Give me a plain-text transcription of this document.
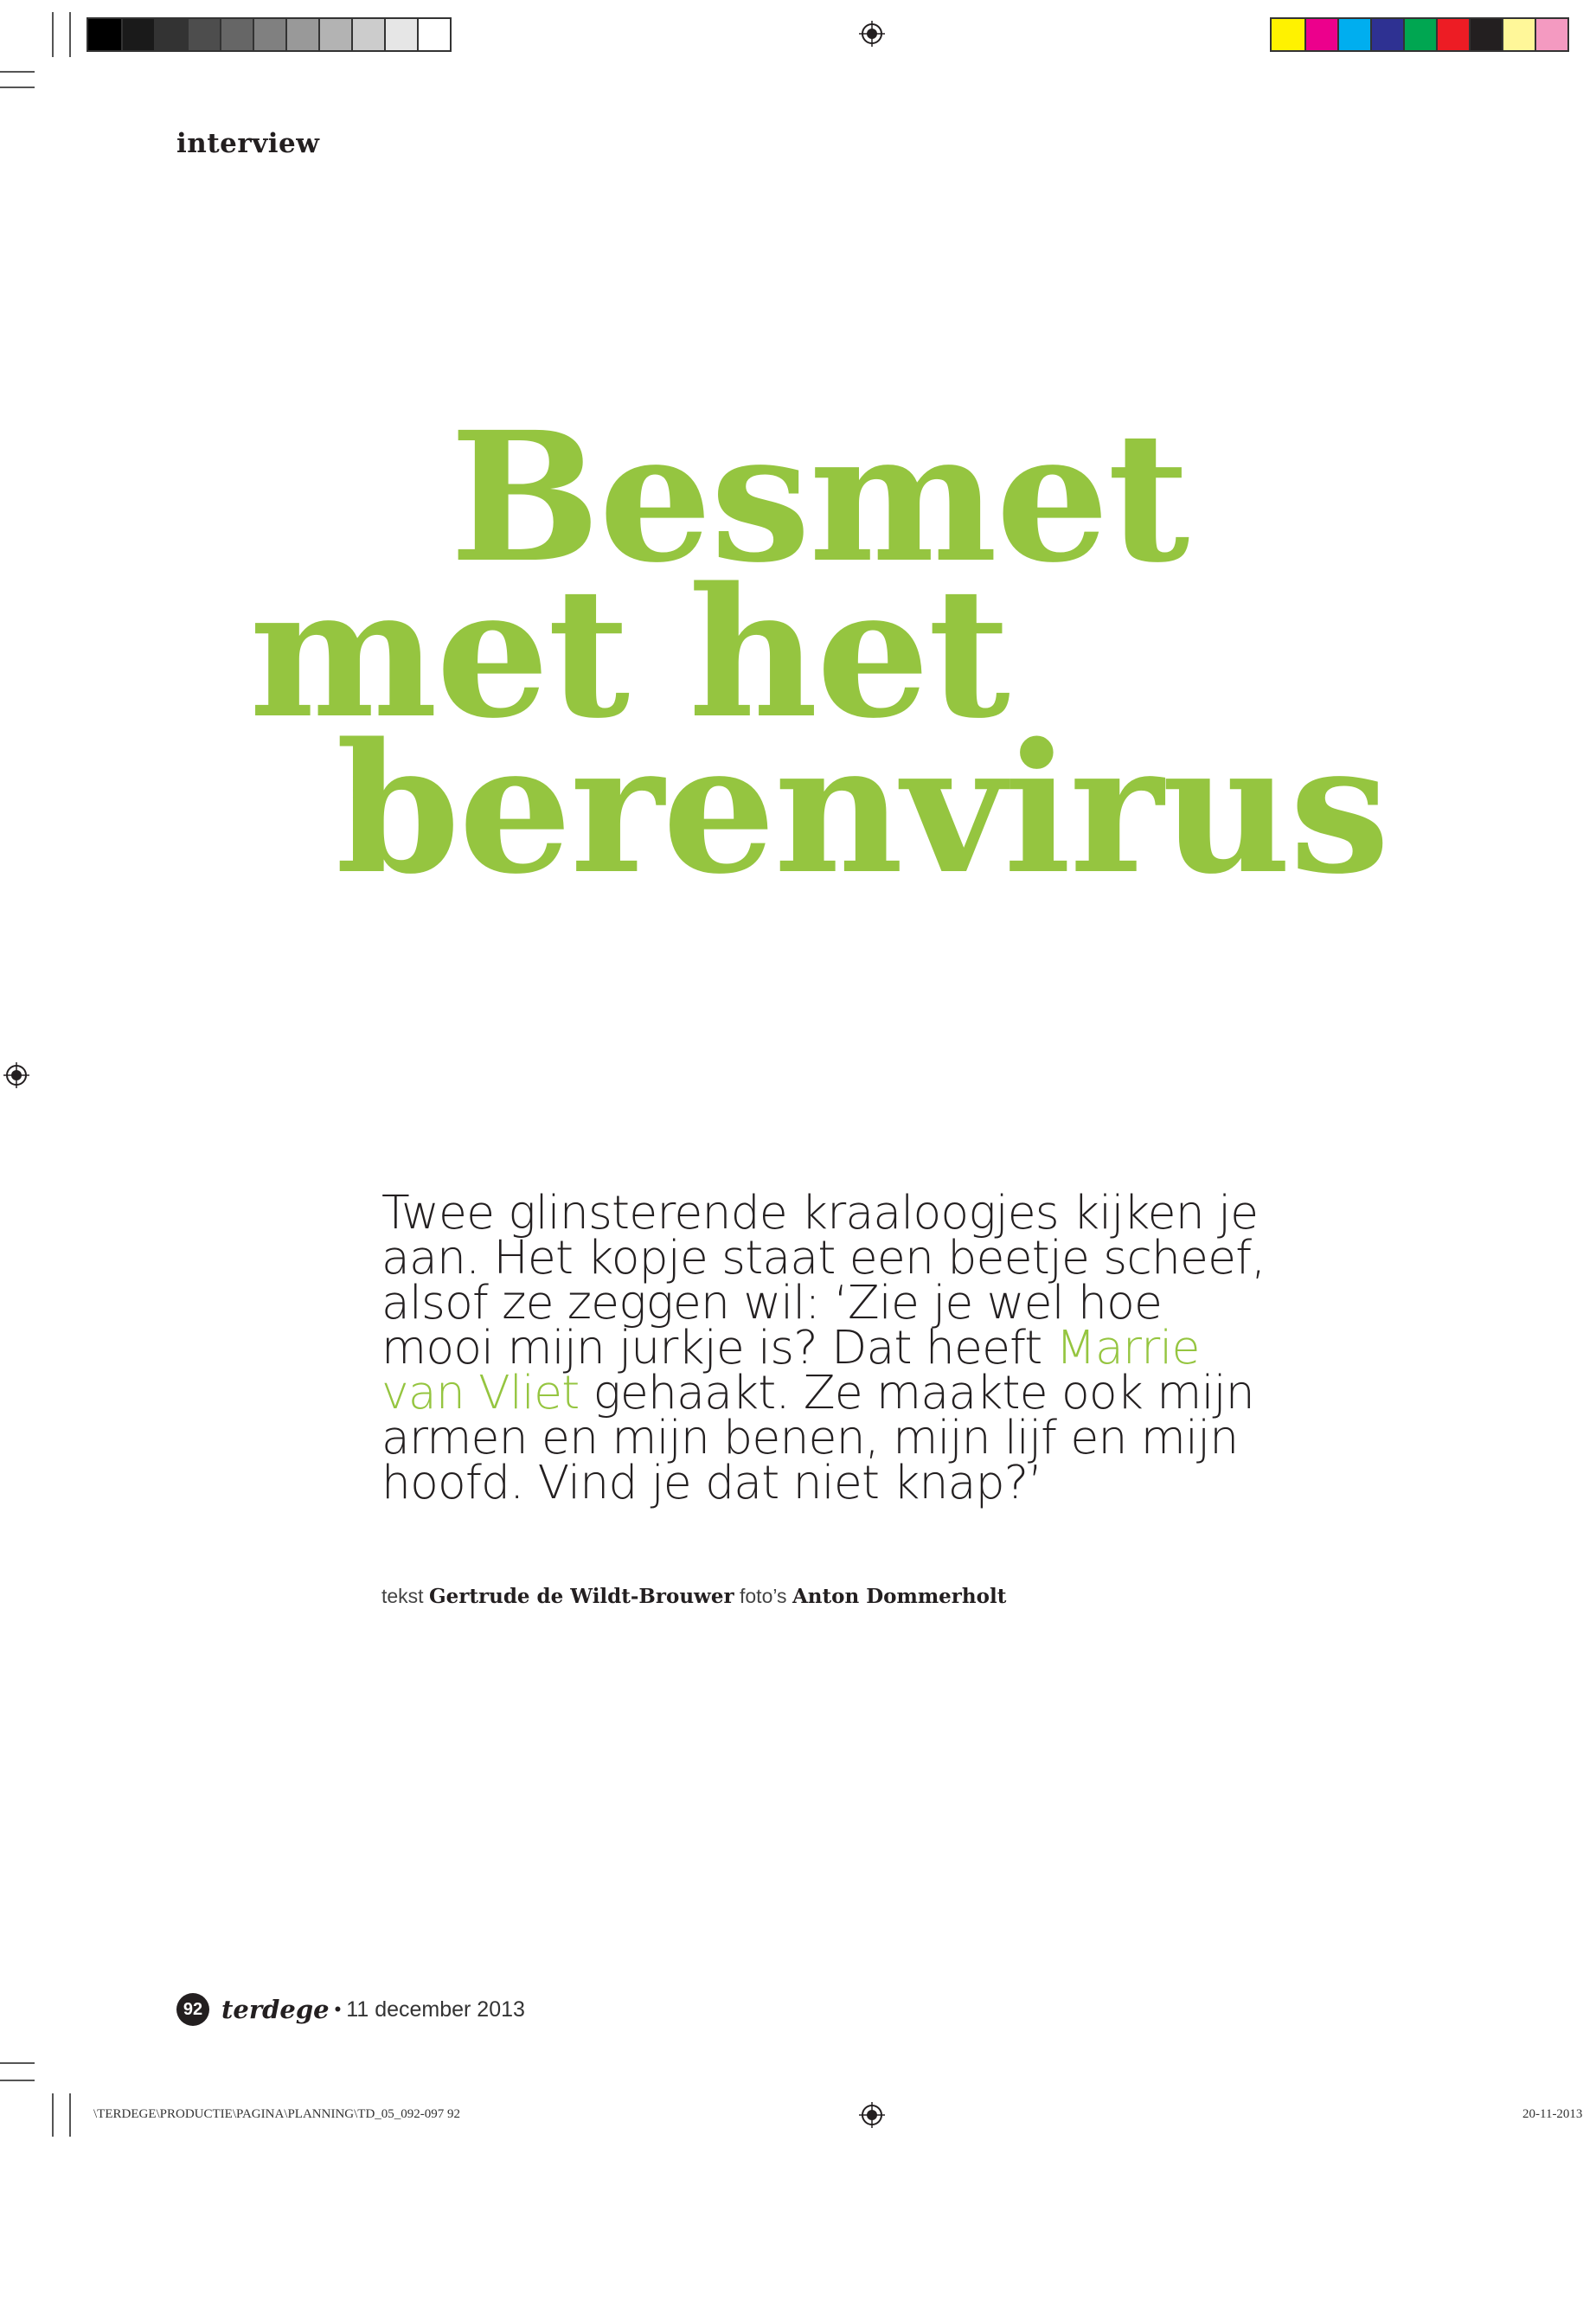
interview
Besmet
met het
berenvirus
Twee glinsterende kraaloogjes kijken je aan. Het kopje staat een beetje scheef, alsof ze zeggen wil: ‘Zie je wel hoe mooi mijn jurkje is? Dat heeft Marrie van Vliet gehaakt. Ze maakte ook mijn armen en mijn benen, mijn lijf en mijn hoofd. Vind je dat niet knap?’
tekst Gertrude de Wildt-Brouwer foto’s Anton Dommerholt
92 terdege • 11 december 2013
\TERDEGE\PRODUCTIE\PAGINA\PLANNING\TD_05_092-097 92	20-11-2013
